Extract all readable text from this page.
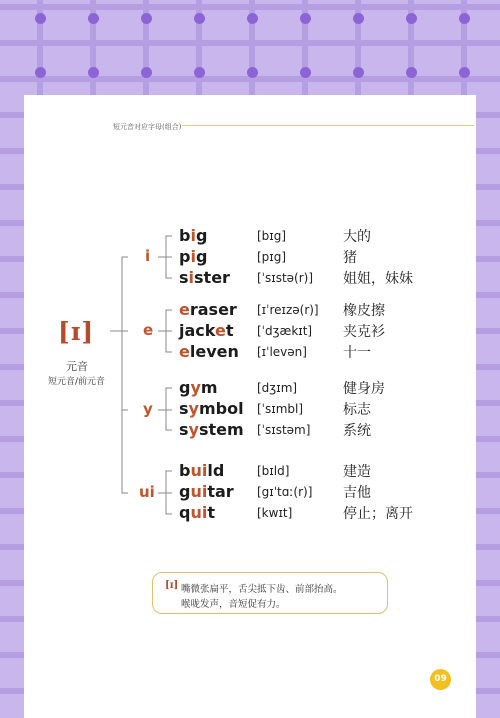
短元音对应字母(组合)
[ɪ]
元音
短元音/前元音
i
e
y
ui
big	[bɪg]	大的
pig	[pɪg]	猪
sister [ˈsɪstə(r)] 姐姐，妹妹
eraser [ɪˈreɪzə(r)] 橡皮擦
jacket [ˈdʒækɪt] 夹克衫
eleven [ɪˈlevən]	十一
gym	[dʒɪm]	健身房
symbol [ˈsɪmbl]	标志
system [ˈsɪstəm] 系统
build	[bɪld]	建造
guitar [gɪˈtɑː(r)] 吉他
quit	[kwɪt]	停止；离开
[ɪ] 嘴微张扁平，舌尖抵下齿、前部抬高。
喉咙发声，音短促有力。
09
